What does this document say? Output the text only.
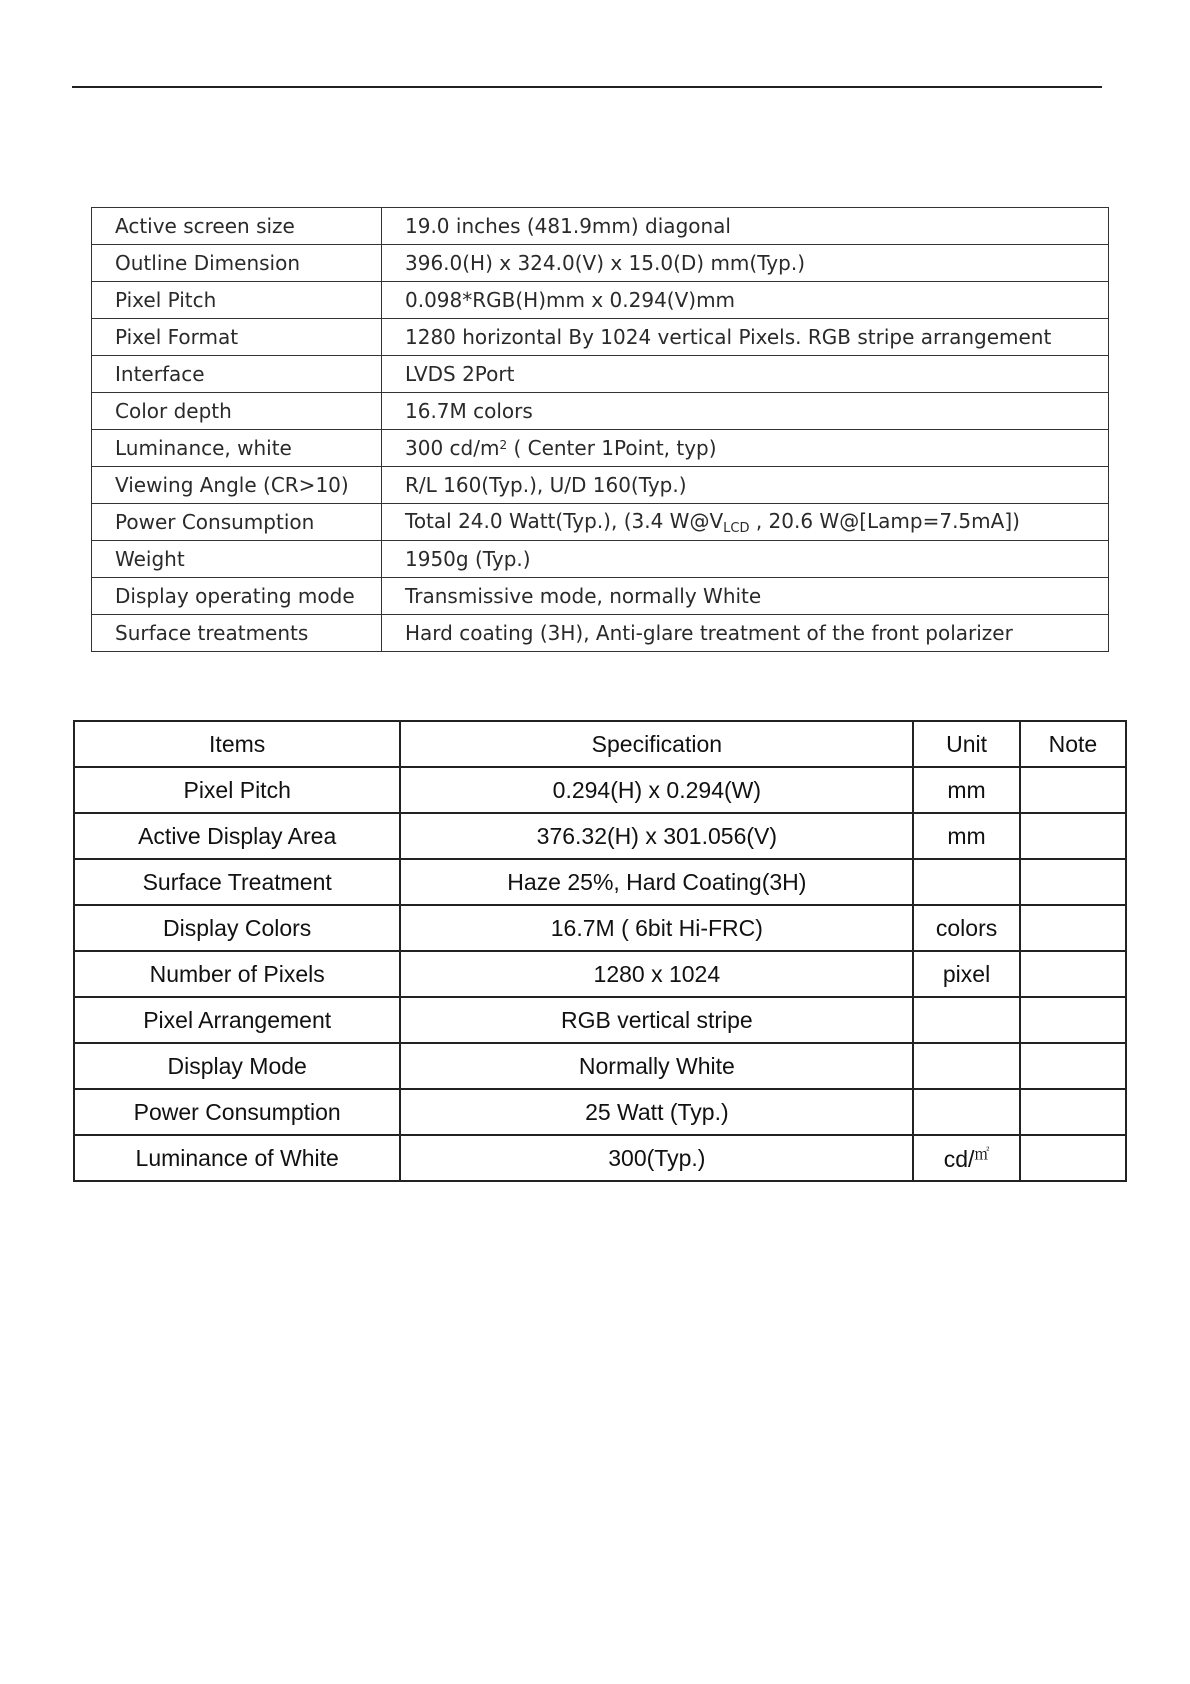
Active screen size	19.0 inches (481.9mm) diagonal
Outline Dimension	396.0(H) x 324.0(V) x 15.0(D) mm(Typ.)
Pixel Pitch	0.098*RGB(H)mm x 0.294(V)mm
Pixel Format	1280 horizontal By 1024 vertical Pixels. RGB stripe arrangement
Interface	LVDS 2Port
Color depth	16.7M colors
Luminance, white	300 $cd/m^2$ ( Center 1Point, typ)
Viewing Angle (CR>10)	R/L 160(Typ.), U/D 160(Typ.)
Power Consumption	Total 24.0 Watt(Typ.), (3.4 $W@V_{LCD}$ , 20.6 W@[Lamp=7.5mA])
Weight	1950g (Typ.)
Display operating mode	Transmissive mode, normally White
Surface treatments	Hard coating (3H), Anti-glare treatment of the front polarizer
Items	Specification	Unit	Note
Pixel Pitch	0.294(H) x 0.294(W)	mm	
Active Display Area	376.32(H) x 301.056(V)	mm	
Surface Treatment	Haze 25%, Hard Coating(3H)		
Display Colors	16.7M ( 6bit Hi-FRC)	colors	
Number of Pixels	1280 x 1024	pixel	
Pixel Arrangement	RGB vertical stripe		
Display Mode	Normally White		
Power Consumption	25 Watt (Typ.)		
Luminance of White	300(Typ.)	cd/㎡	
